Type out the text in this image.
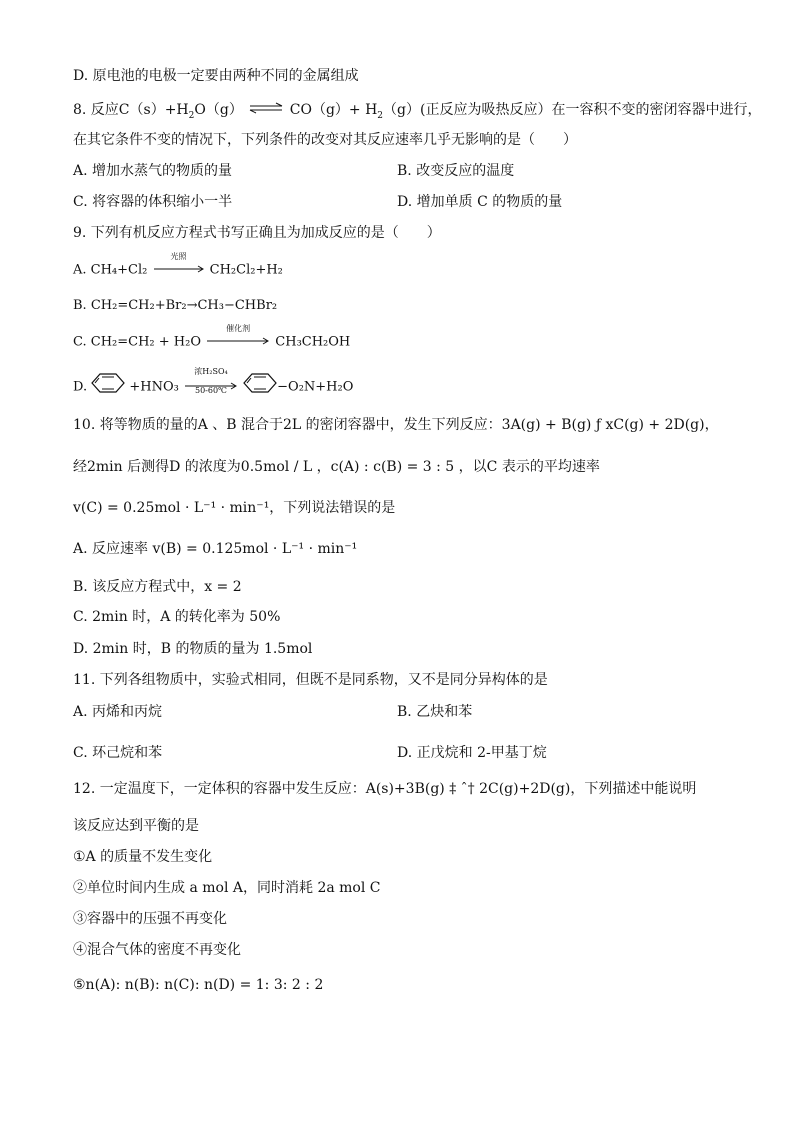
D. 原电池的电极一定要由两种不同的金属组成
8. 反应$C(s)+H_2O(g)$ ⇌ $CO(g)+ H_2(g)$(正反应为吸热反应）在一容积不变的密闭容器中进行，
在其它条件不变的情况下，下列条件的改变对其反应速率几乎无影响的是（　　）
A. 增加水蒸气的物质的量	B. 改变反应的温度
C. 将容器的体积缩小一半	D. 增加单质 C 的物质的量
9. 下列有机反应方程式书写正确且为加成反应的是（　　）
A. CH₄+Cl₂
光照
CH₂Cl₂+H₂
B. CH₂=CH₂+Br₂→CH₃−CHBr₂
C. CH₂=CH₂ + H₂O
催化剂
CH₃CH₂OH
D.	+HNO₃
浓H₂SO₄
50-60℃	−O₂N+H₂O
10. 将等物质的量的A 、B 混合于2L 的密闭容器中，发生下列反应：3A(g) + B(g) ƒ xC(g) + 2D(g)，
经2min 后测得D 的浓度为0.5mol / L ，c(A) : c(B) = 3 : 5 ，以C 表示的平均速率
v(C) = 0.25mol · L⁻¹ · min⁻¹，下列说法错误的是
A. 反应速率 v(B) = 0.125mol · L⁻¹ · min⁻¹
B. 该反应方程式中，x = 2
C. 2min 时，A 的转化率为 50%
D. 2min 时，B 的物质的量为 1.5mol
11. 下列各组物质中，实验式相同，但既不是同系物，又不是同分异构体的是
A. 丙烯和丙烷	B. 乙炔和苯
C. 环己烷和苯	D. 正戊烷和 2-甲基丁烷
12. 一定温度下，一定体积的容器中发生反应：A(s)+3B(g) ‡ ˆ† 2C(g)+2D(g)，下列描述中能说明
该反应达到平衡的是
①A 的质量不发生变化
②单位时间内生成 a mol A，同时消耗 2a mol C
③容器中的压强不再变化
④混合气体的密度不再变化
⑤n(A): n(B): n(C): n(D) = 1: 3: 2 : 2
